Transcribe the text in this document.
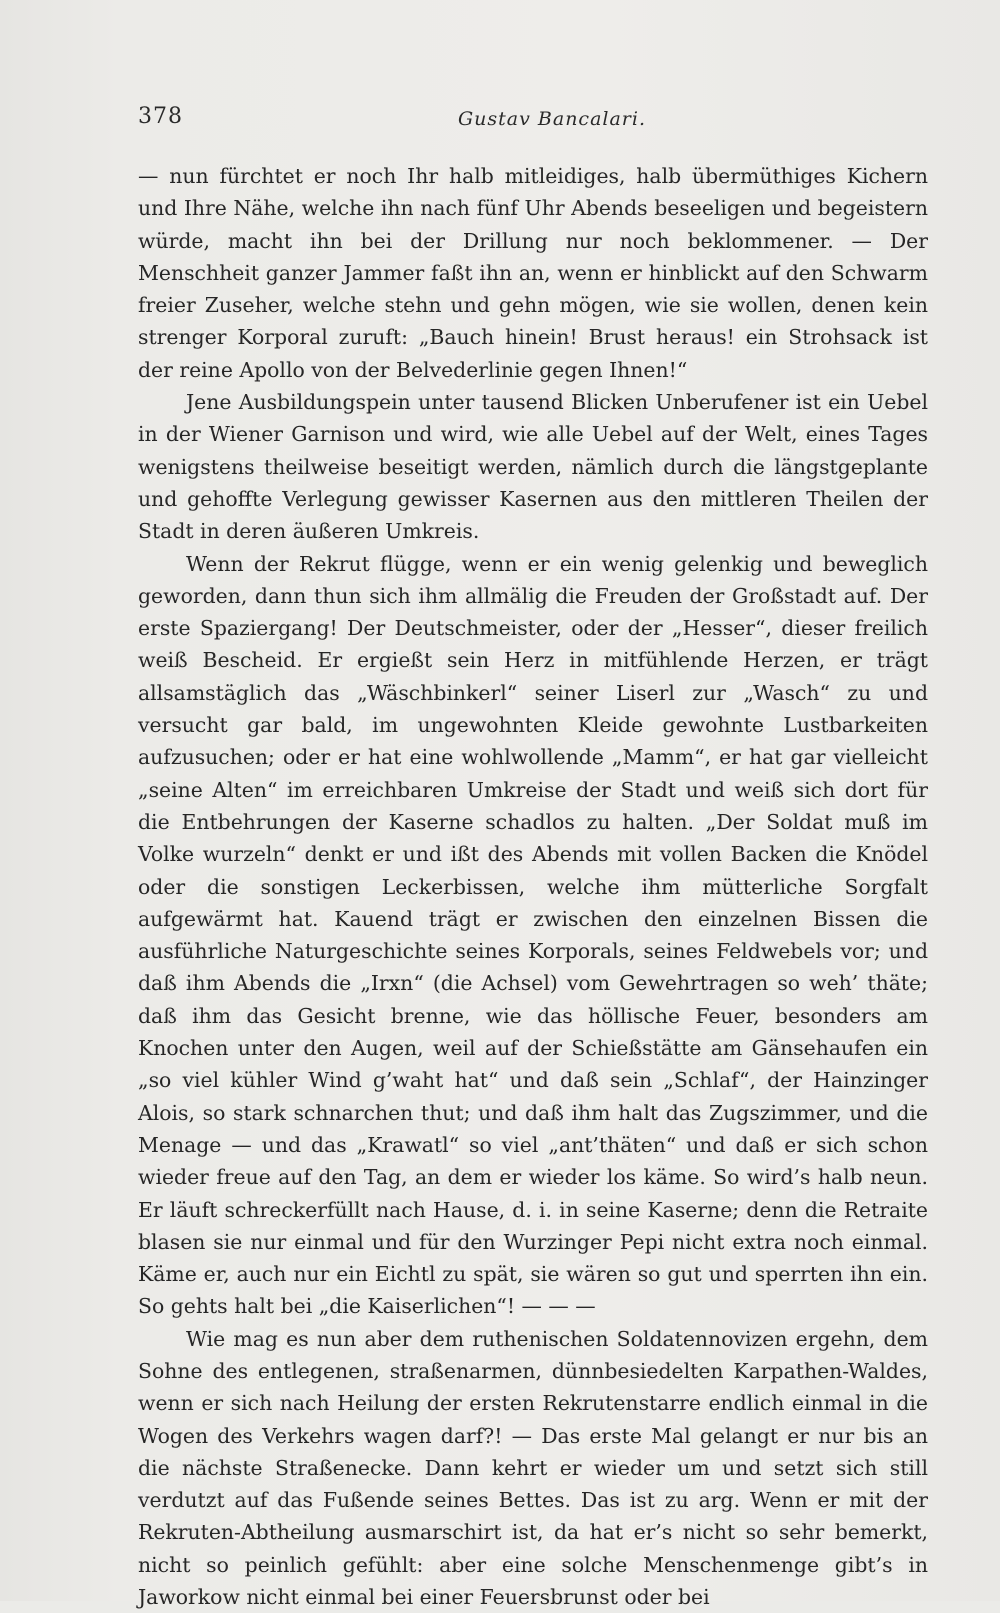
378	Gustav Bancalari.

— nun fürchtet er noch Ihr halb mitleidiges, halb übermüthiges Kichern und Ihre Nähe, welche ihn nach fünf Uhr Abends beseeligen und begeistern würde, macht ihn bei der Drillung nur noch beklommener. — Der Menschheit ganzer Jammer faßt ihn an, wenn er hinblickt auf den Schwarm freier Zuseher, welche stehn und gehn mögen, wie sie wollen, denen kein strenger Korporal zuruft: „Bauch hinein! Brust heraus! ein Strohsack ist der reine Apollo von der Belvederlinie gegen Ihnen!“

Jene Ausbildungspein unter tausend Blicken Unberufener ist ein Uebel in der Wiener Garnison und wird, wie alle Uebel auf der Welt, eines Tages wenigstens theilweise beseitigt werden, nämlich durch die längstgeplante und gehoffte Verlegung gewisser Kasernen aus den mittleren Theilen der Stadt in deren äußeren Umkreis.

Wenn der Rekrut flügge, wenn er ein wenig gelenkig und beweglich geworden, dann thun sich ihm allmälig die Freuden der Großstadt auf. Der erste Spaziergang! Der Deutschmeister, oder der „Hesser“, dieser freilich weiß Bescheid. Er ergießt sein Herz in mitfühlende Herzen, er trägt allsamstäglich das „Wäschbinkerl“ seiner Liserl zur „Wasch“ zu und versucht gar bald, im ungewohnten Kleide gewohnte Lustbarkeiten aufzusuchen; oder er hat eine wohlwollende „Mamm“, er hat gar vielleicht „seine Alten“ im erreichbaren Umkreise der Stadt und weiß sich dort für die Entbehrungen der Kaserne schadlos zu halten. „Der Soldat muß im Volke wurzeln“ denkt er und ißt des Abends mit vollen Backen die Knödel oder die sonstigen Leckerbissen, welche ihm mütterliche Sorgfalt aufgewärmt hat. Kauend trägt er zwischen den einzelnen Bissen die ausführliche Naturgeschichte seines Korporals, seines Feldwebels vor; und daß ihm Abends die „Irxn“ (die Achsel) vom Gewehrtragen so weh’ thäte; daß ihm das Gesicht brenne, wie das höllische Feuer, besonders am Knochen unter den Augen, weil auf der Schießstätte am Gänsehaufen ein „so viel kühler Wind g’waht hat“ und daß sein „Schlaf“, der Hainzinger Alois, so stark schnarchen thut; und daß ihm halt das Zugszimmer, und die Menage — und das „Krawatl“ so viel „ant’thäten“ und daß er sich schon wieder freue auf den Tag, an dem er wieder los käme. So wird’s halb neun. Er läuft schreckerfüllt nach Hause, d. i. in seine Kaserne; denn die Retraite blasen sie nur einmal und für den Wurzinger Pepi nicht extra noch einmal. Käme er, auch nur ein Eichtl zu spät, sie wären so gut und sperrten ihn ein. So gehts halt bei „die Kaiserlichen“! — — —

Wie mag es nun aber dem ruthenischen Soldatennovizen ergehn, dem Sohne des entlegenen, straßenarmen, dünnbesiedelten Karpathen-Waldes, wenn er sich nach Heilung der ersten Rekrutenstarre endlich einmal in die Wogen des Verkehrs wagen darf?! — Das erste Mal gelangt er nur bis an die nächste Straßenecke. Dann kehrt er wieder um und setzt sich still verdutzt auf das Fußende seines Bettes. Das ist zu arg. Wenn er mit der Rekruten-Abtheilung ausmarschirt ist, da hat er’s nicht so sehr bemerkt, nicht so peinlich gefühlt: aber eine solche Menschenmenge gibt’s in Jaworkow nicht einmal bei einer Feuersbrunst oder bei
